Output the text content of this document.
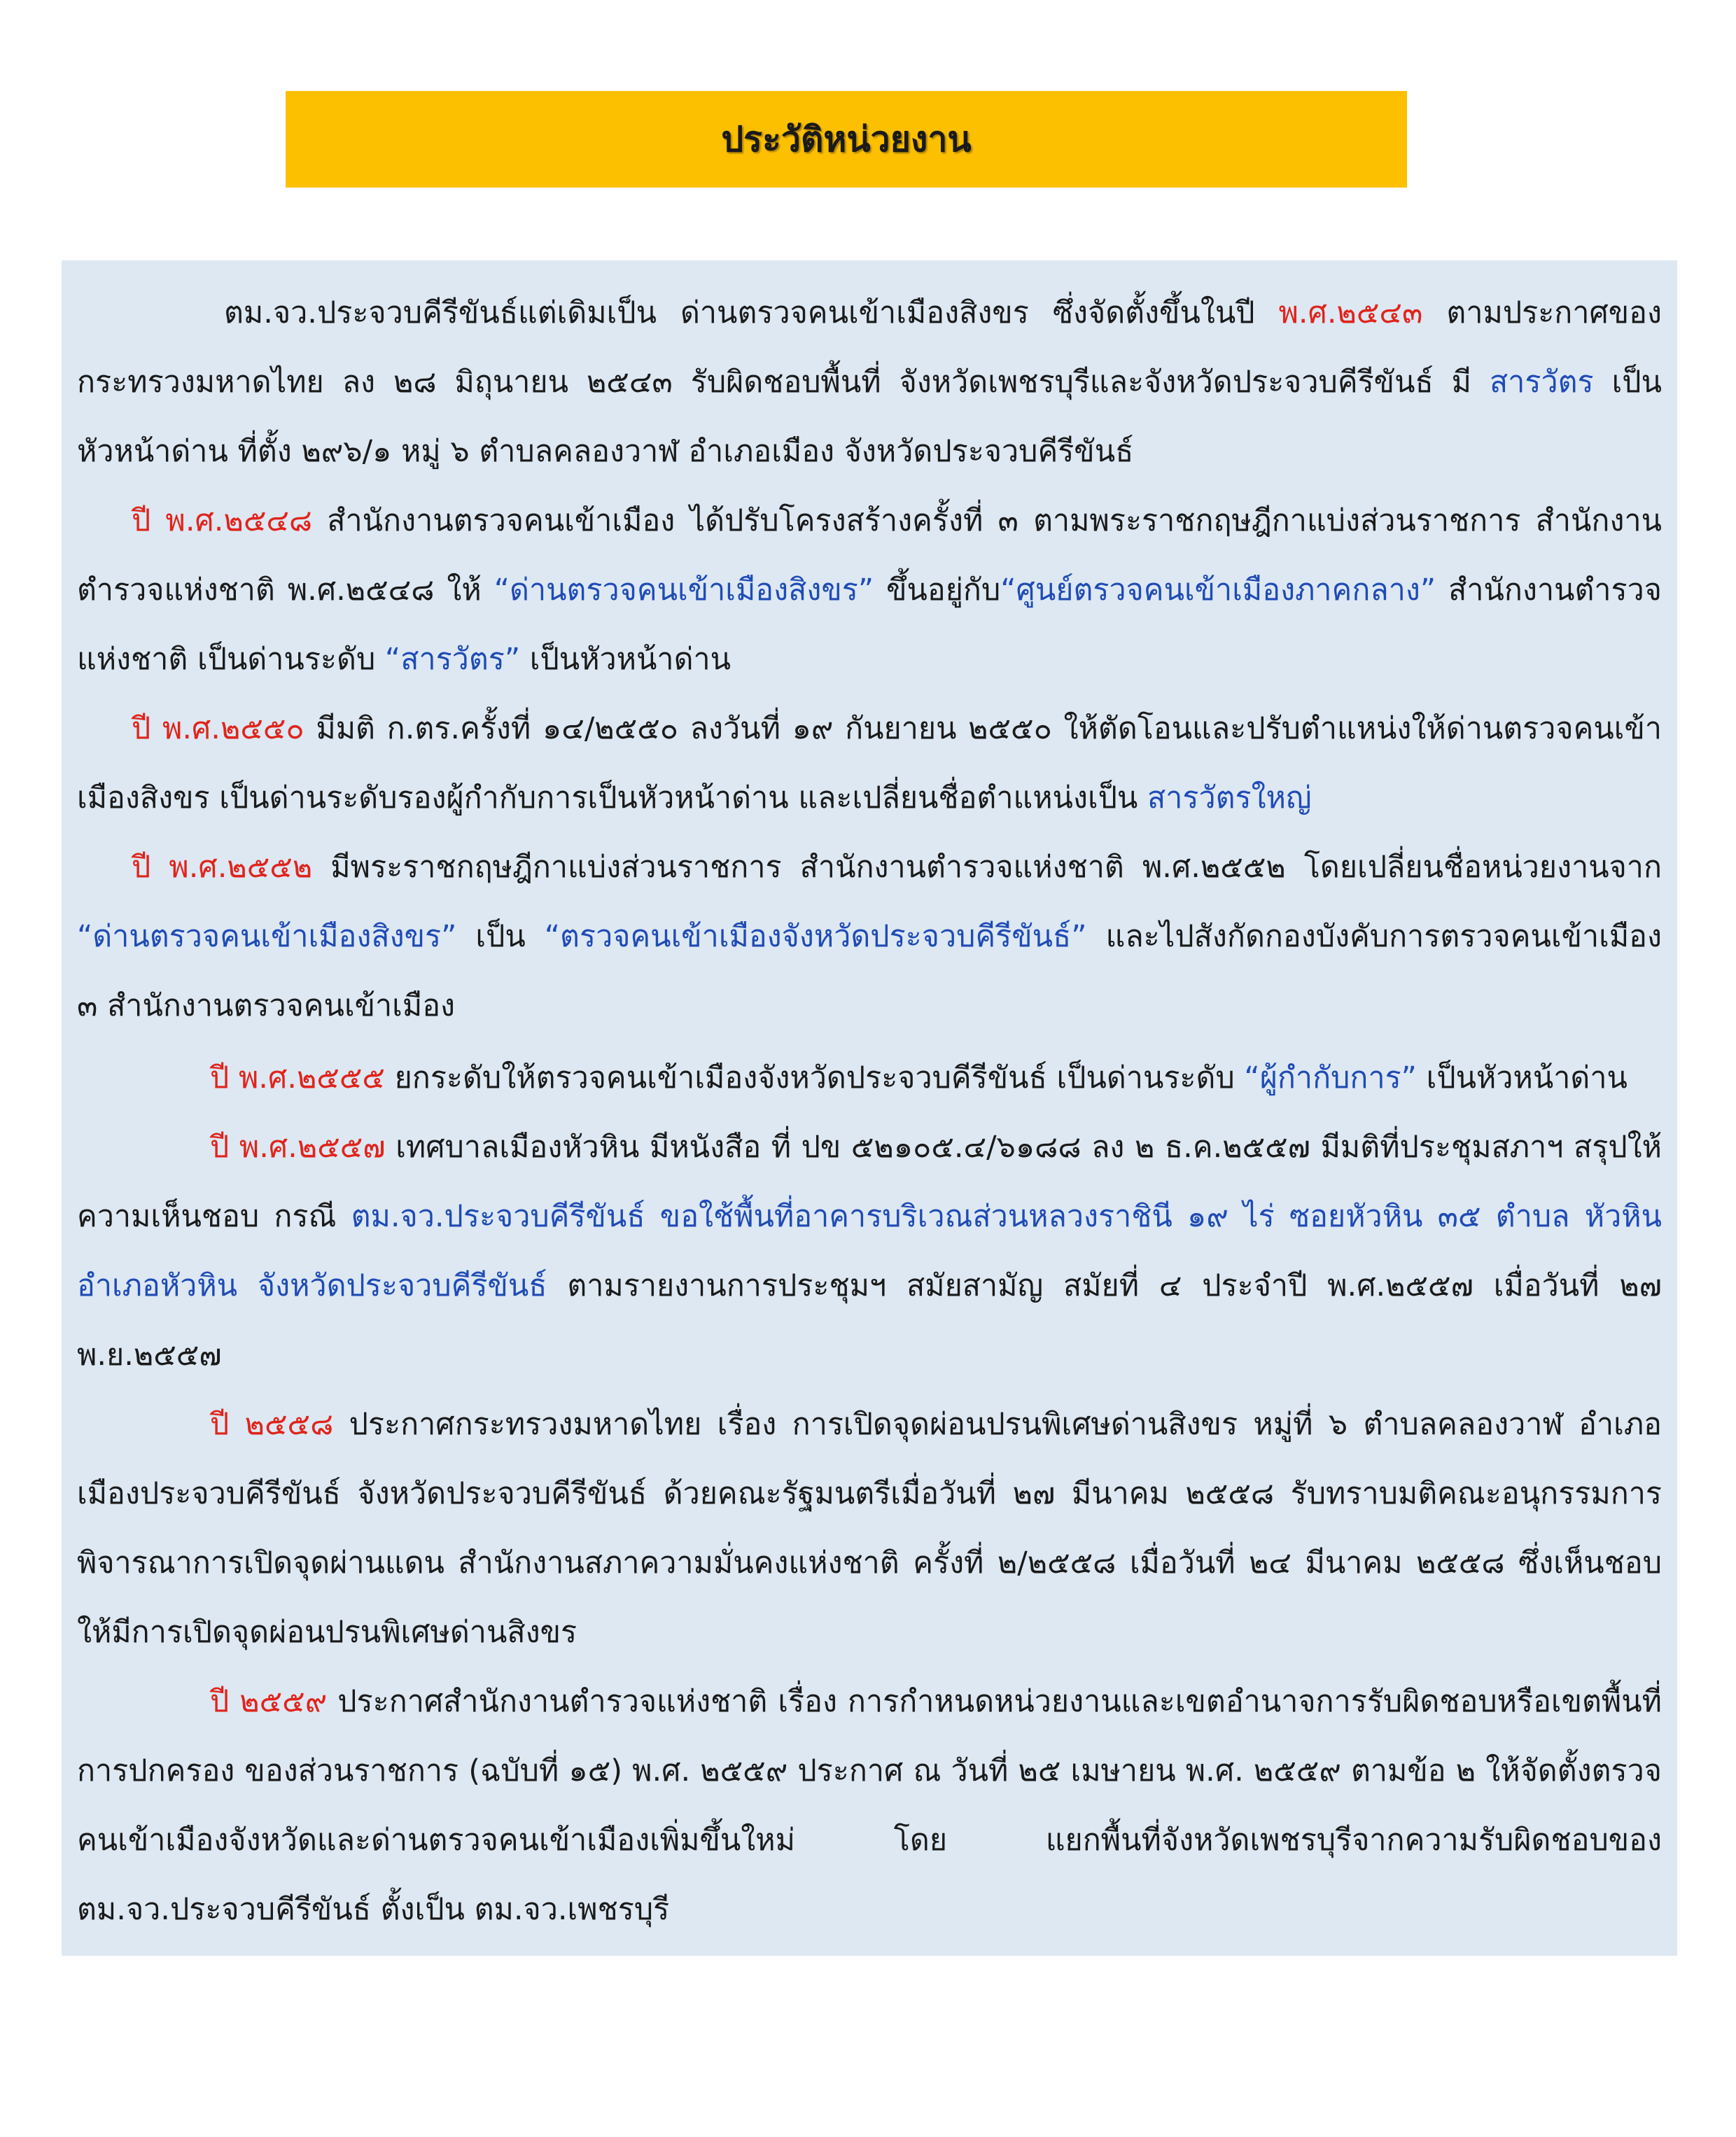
ประวัติหน่วยงาน

ตม.จว.ประจวบคีรีขันธ์แต่เดิมเป็น ด่านตรวจคนเข้าเมืองสิงขร ซึ่งจัดตั้งขึ้นในปี พ.ศ.๒๕๔๓ ตามประกาศของกระทรวงมหาดไทย ลง ๒๘ มิถุนายน ๒๕๔๓ รับผิดชอบพื้นที่ จังหวัดเพชรบุรีและจังหวัดประจวบคีรีขันธ์ มี สารวัตร เป็นหัวหน้าด่าน ที่ตั้ง ๒๙๖/๑ หมู่ ๖ ตำบลคลองวาฬ อำเภอเมือง จังหวัดประจวบคีรีขันธ์

ปี พ.ศ.๒๕๔๘ สำนักงานตรวจคนเข้าเมือง ได้ปรับโครงสร้างครั้งที่ ๓ ตามพระราชกฤษฎีกาแบ่งส่วนราชการ สำนักงานตำรวจแห่งชาติ พ.ศ.๒๕๔๘ ให้ “ด่านตรวจคนเข้าเมืองสิงขร” ขึ้นอยู่กับ“ศูนย์ตรวจคนเข้าเมืองภาคกลาง” สำนักงานตำรวจแห่งชาติ เป็นด่านระดับ “สารวัตร” เป็นหัวหน้าด่าน

ปี พ.ศ.๒๕๕๐ มีมติ ก.ตร.ครั้งที่ ๑๔/๒๕๕๐ ลงวันที่ ๑๙ กันยายน ๒๕๕๐ ให้ตัดโอนและปรับตำแหน่งให้ด่านตรวจคนเข้าเมืองสิงขร เป็นด่านระดับรองผู้กำกับการเป็นหัวหน้าด่าน และเปลี่ยนชื่อตำแหน่งเป็น สารวัตรใหญ่

ปี พ.ศ.๒๕๕๒ มีพระราชกฤษฎีกาแบ่งส่วนราชการ สำนักงานตำรวจแห่งชาติ พ.ศ.๒๕๕๒ โดยเปลี่ยนชื่อหน่วยงานจาก “ด่านตรวจคนเข้าเมืองสิงขร” เป็น “ตรวจคนเข้าเมืองจังหวัดประจวบคีรีขันธ์” และไปสังกัดกองบังคับการตรวจคนเข้าเมือง ๓ สำนักงานตรวจคนเข้าเมือง

ปี พ.ศ.๒๕๕๕ ยกระดับให้ตรวจคนเข้าเมืองจังหวัดประจวบคีรีขันธ์ เป็นด่านระดับ “ผู้กำกับการ” เป็นหัวหน้าด่าน

ปี พ.ศ.๒๕๕๗ เทศบาลเมืองหัวหิน มีหนังสือ ที่ ปข ๕๒๑๐๕.๔/๖๑๘๘ ลง ๒ ธ.ค.๒๕๕๗ มีมติที่ประชุมสภาฯ สรุปให้ความเห็นชอบ กรณี ตม.จว.ประจวบคีรีขันธ์ ขอใช้พื้นที่อาคารบริเวณส่วนหลวงราชินี ๑๙ ไร่ ซอยหัวหิน ๓๕ ตำบล หัวหิน อำเภอหัวหิน จังหวัดประจวบคีรีขันธ์ ตามรายงานการประชุมฯ สมัยสามัญ สมัยที่ ๔ ประจำปี พ.ศ.๒๕๕๗ เมื่อวันที่ ๒๗ พ.ย.๒๕๕๗

ปี ๒๕๕๘ ประกาศกระทรวงมหาดไทย เรื่อง การเปิดจุดผ่อนปรนพิเศษด่านสิงขร หมู่ที่ ๖ ตำบลคลองวาฬ อำเภอเมืองประจวบคีรีขันธ์ จังหวัดประจวบคีรีขันธ์ ด้วยคณะรัฐมนตรีเมื่อวันที่ ๒๗ มีนาคม ๒๕๕๘ รับทราบมติคณะอนุกรรมการพิจารณาการเปิดจุดผ่านแดน สำนักงานสภาความมั่นคงแห่งชาติ ครั้งที่ ๒/๒๕๕๘ เมื่อวันที่ ๒๔ มีนาคม ๒๕๕๘ ซึ่งเห็นชอบให้มีการเปิดจุดผ่อนปรนพิเศษด่านสิงขร

ปี ๒๕๕๙ ประกาศสำนักงานตำรวจแห่งชาติ เรื่อง การกำหนดหน่วยงานและเขตอำนาจการรับผิดชอบหรือเขตพื้นที่การปกครอง ของส่วนราชการ (ฉบับที่ ๑๕) พ.ศ. ๒๕๕๙ ประกาศ ณ วันที่ ๒๕ เมษายน พ.ศ. ๒๕๕๙ ตามข้อ ๒ ให้จัดตั้งตรวจคนเข้าเมืองจังหวัดและด่านตรวจคนเข้าเมืองเพิ่มขึ้นใหม่ โดย แยกพื้นที่จังหวัดเพชรบุรีจากความรับผิดชอบของ ตม.จว.ประจวบคีรีขันธ์ ตั้งเป็น ตม.จว.เพชรบุรี
